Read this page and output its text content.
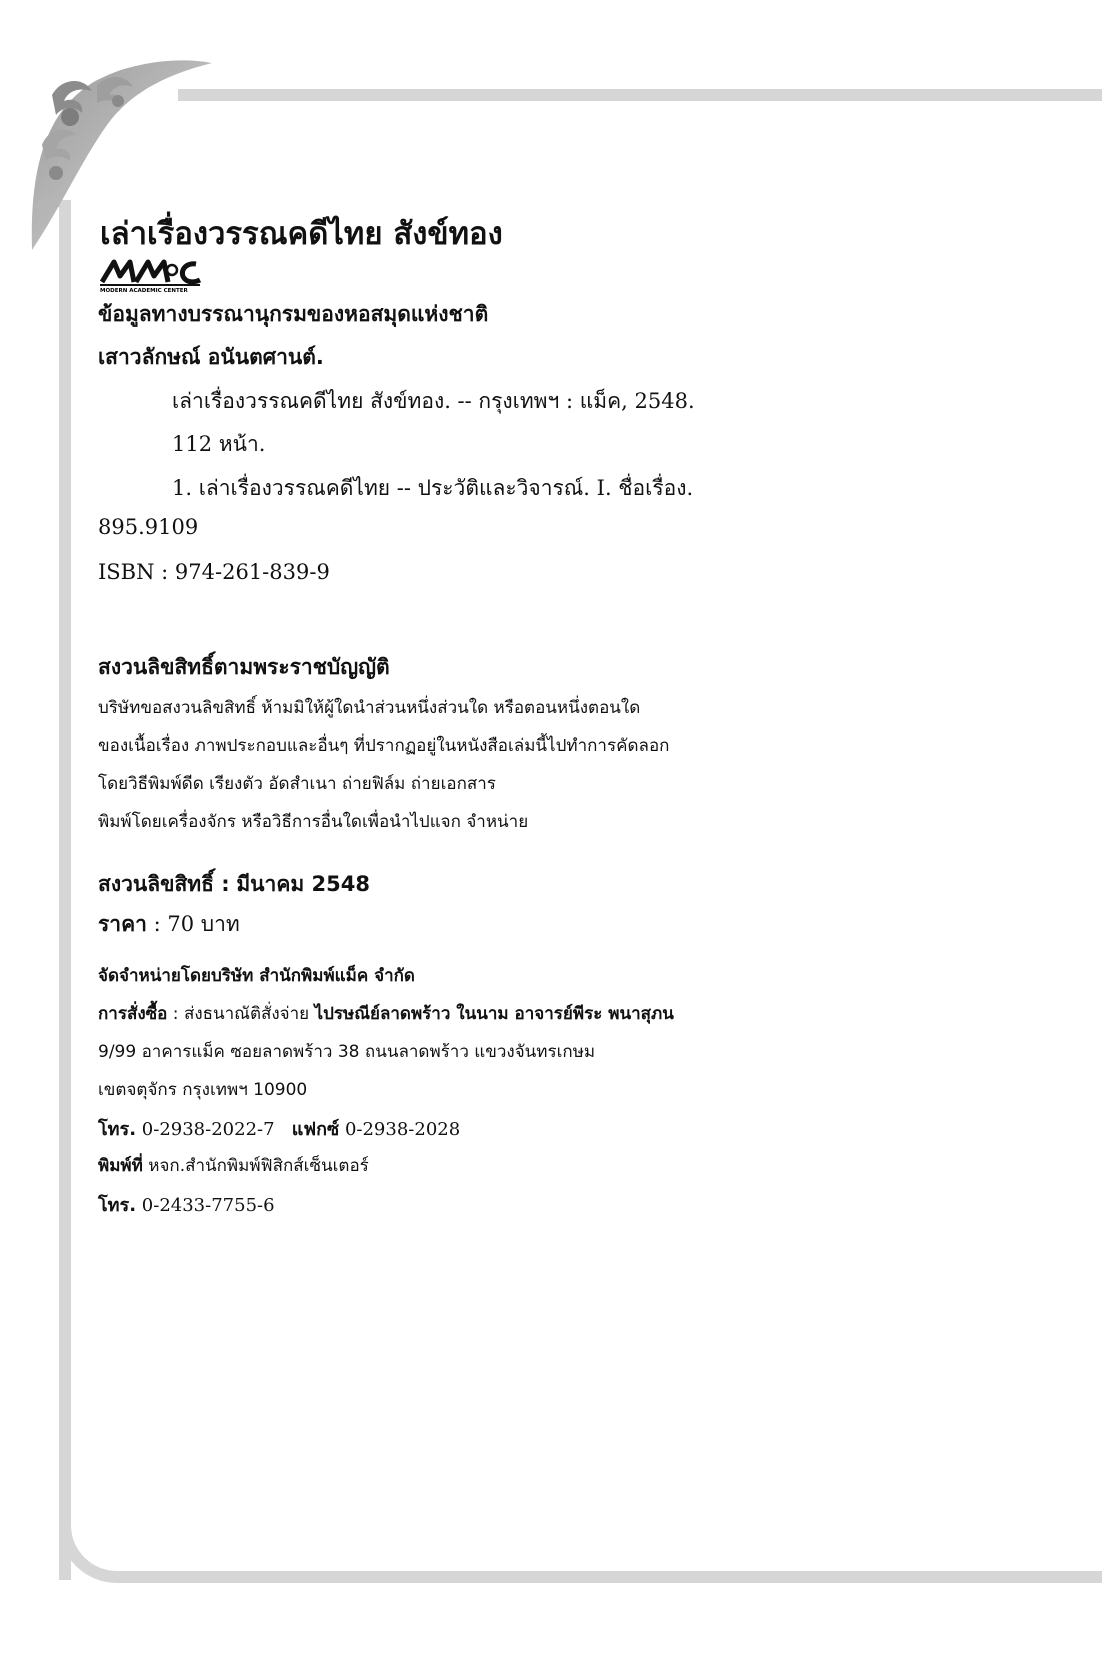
เล่าเรื่องวรรณคดีไทย สังข์ทอง
MODERN ACADEMIC CENTER
ข้อมูลทางบรรณานุกรมของหอสมุดแห่งชาติ
เสาวลักษณ์ อนันตศานต์.
เล่าเรื่องวรรณคดีไทย สังข์ทอง. -- กรุงเทพฯ : แม็ค, 2548.
112 หน้า.
1. เล่าเรื่องวรรณคดีไทย -- ประวัติและวิจารณ์. I. ชื่อเรื่อง.
895.9109
ISBN : 974-261-839-9
สงวนลิขสิทธิ์ตามพระราชบัญญัติ
บริษัทขอสงวนลิขสิทธิ์ ห้ามมิให้ผู้ใดนำส่วนหนึ่งส่วนใด หรือตอนหนึ่งตอนใด
ของเนื้อเรื่อง ภาพประกอบและอื่นๆ ที่ปรากฏอยู่ในหนังสือเล่มนี้ไปทำการคัดลอก
โดยวิธีพิมพ์ดีด เรียงตัว อัดสำเนา ถ่ายฟิล์ม ถ่ายเอกสาร
พิมพ์โดยเครื่องจักร หรือวิธีการอื่นใดเพื่อนำไปแจก จำหน่าย
สงวนลิขสิทธิ์ : มีนาคม 2548
ราคา : 70 บาท
จัดจำหน่ายโดยบริษัท สำนักพิมพ์แม็ค จำกัด
การสั่งซื้อ : ส่งธนาณัติสั่งจ่าย ไปรษณีย์ลาดพร้าว ในนาม อาจารย์พีระ พนาสุภน
9/99 อาคารแม็ค ซอยลาดพร้าว 38 ถนนลาดพร้าว แขวงจันทรเกษม
เขตจตุจักร กรุงเทพฯ 10900
โทร. 0-2938-2022-7 แฟกซ์ 0-2938-2028
พิมพ์ที่ หจก.สำนักพิมพ์ฟิสิกส์เซ็นเตอร์
โทร. 0-2433-7755-6
